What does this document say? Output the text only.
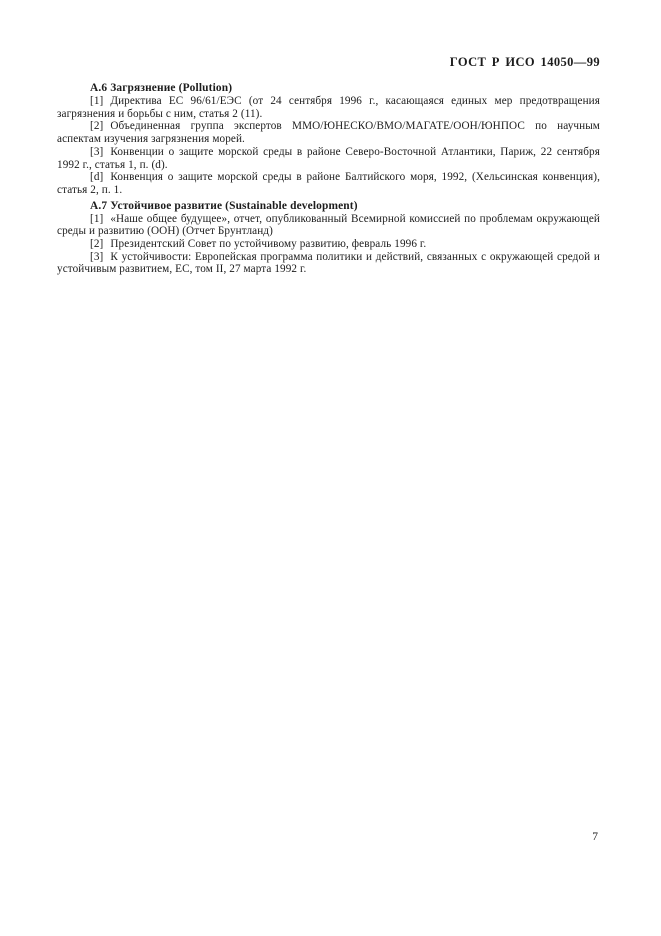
ГОСТ Р ИСО 14050—99
А.6 Загрязнение (Pollution)

[1] Директива ЕС 96/61/ЕЭС (от 24 сентября 1996 г., касающаяся единых мер предотвращения загрязнения и борьбы с ним, статья 2 (11).

[2] Объединенная группа экспертов ММО/ЮНЕСКО/ВМО/МАГАТЕ/ООН/ЮНПОС по научным аспектам изучения загрязнения морей.

[3] Конвенции о защите морской среды в районе Северо-Восточной Атлантики, Париж, 22 сентября 1992 г., статья 1, п. (d).

[d] Конвенция о защите морской среды в районе Балтийского моря, 1992, (Хельсинская конвенция), статья 2, п. 1.

А.7 Устойчивое развитие (Sustainable development)

[1] «Наше общее будущее», отчет, опубликованный Всемирной комиссией по проблемам окружающей среды и развитию (ООН) (Отчет Брунтланд)

[2] Президентский Совет по устойчивому развитию, февраль 1996 г.

[3] К устойчивости: Европейская программа политики и действий, связанных с окружающей средой и устойчивым развитием, ЕС, том II, 27 марта 1992 г.

7
